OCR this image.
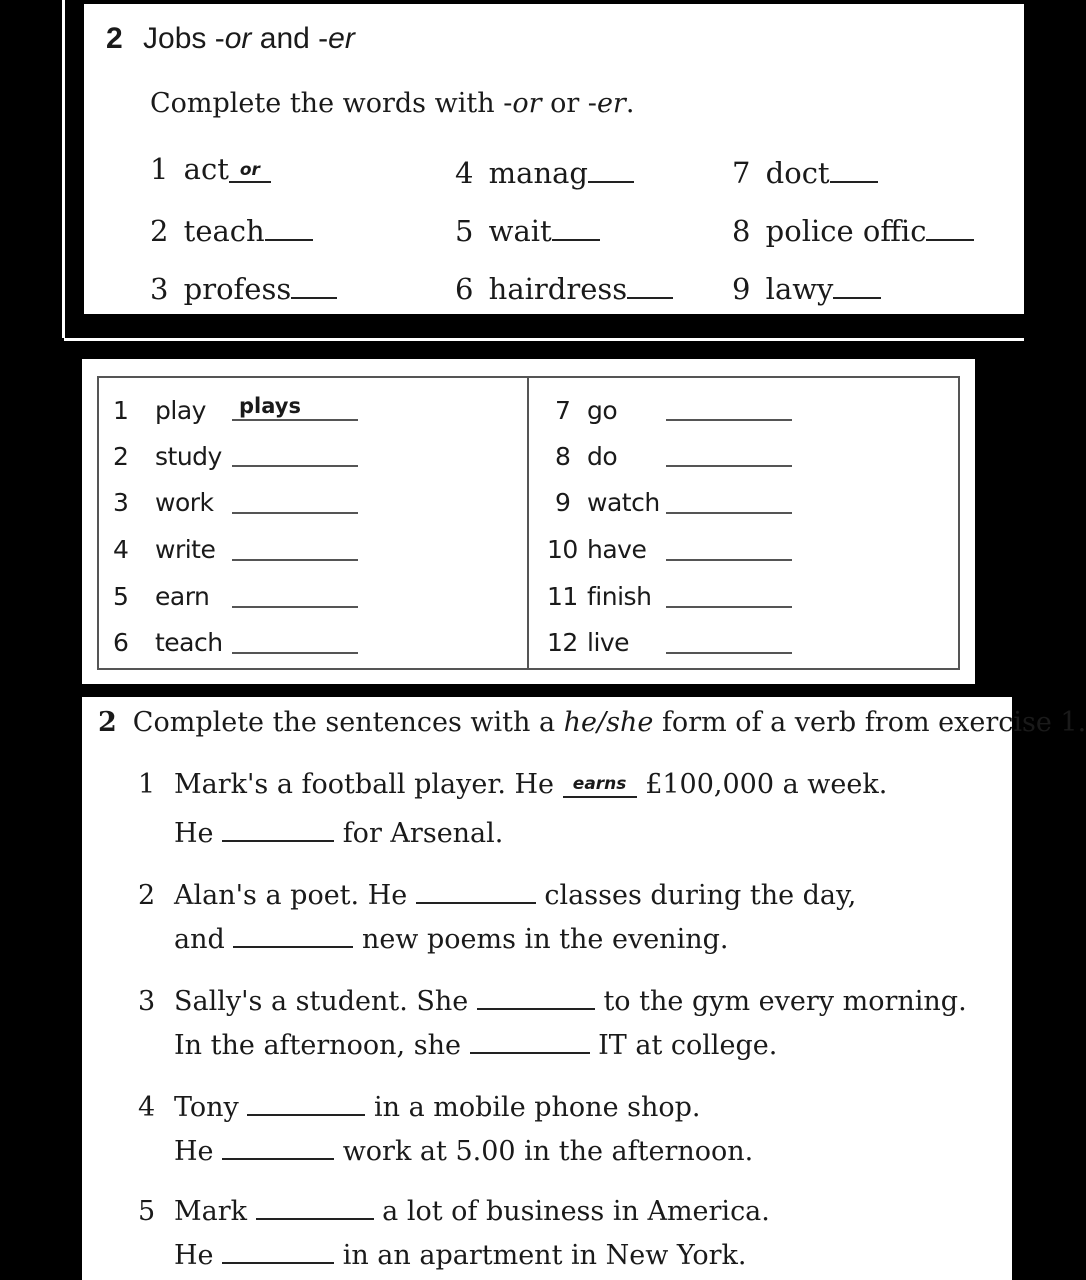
2 Jobs -or and -er
Complete the words with -or or -er.
1 act or
2 teach
3 profess
4 manag
5 wait
6 hairdress
7 doct
8 police offic
9 lawy
1 play plays
2 study
3 work
4 write
5 earn
6 teach
7 go
8 do
9 watch
10 have
11 finish
12 live
2 Complete the sentences with a he/she form of a verb from exercise 1.
1 Mark's a football player. He earns £100,000 a week.
He	for Arsenal.
2 Alan's a poet. He	classes during the day,
and	new poems in the evening.
3 Sally's a student. She	to the gym every morning.
In the afternoon, she	IT at college.
4 Tony	in a mobile phone shop.
He	work at 5.00 in the afternoon.
5 Mark	a lot of business in America.
He	in an apartment in New York.
